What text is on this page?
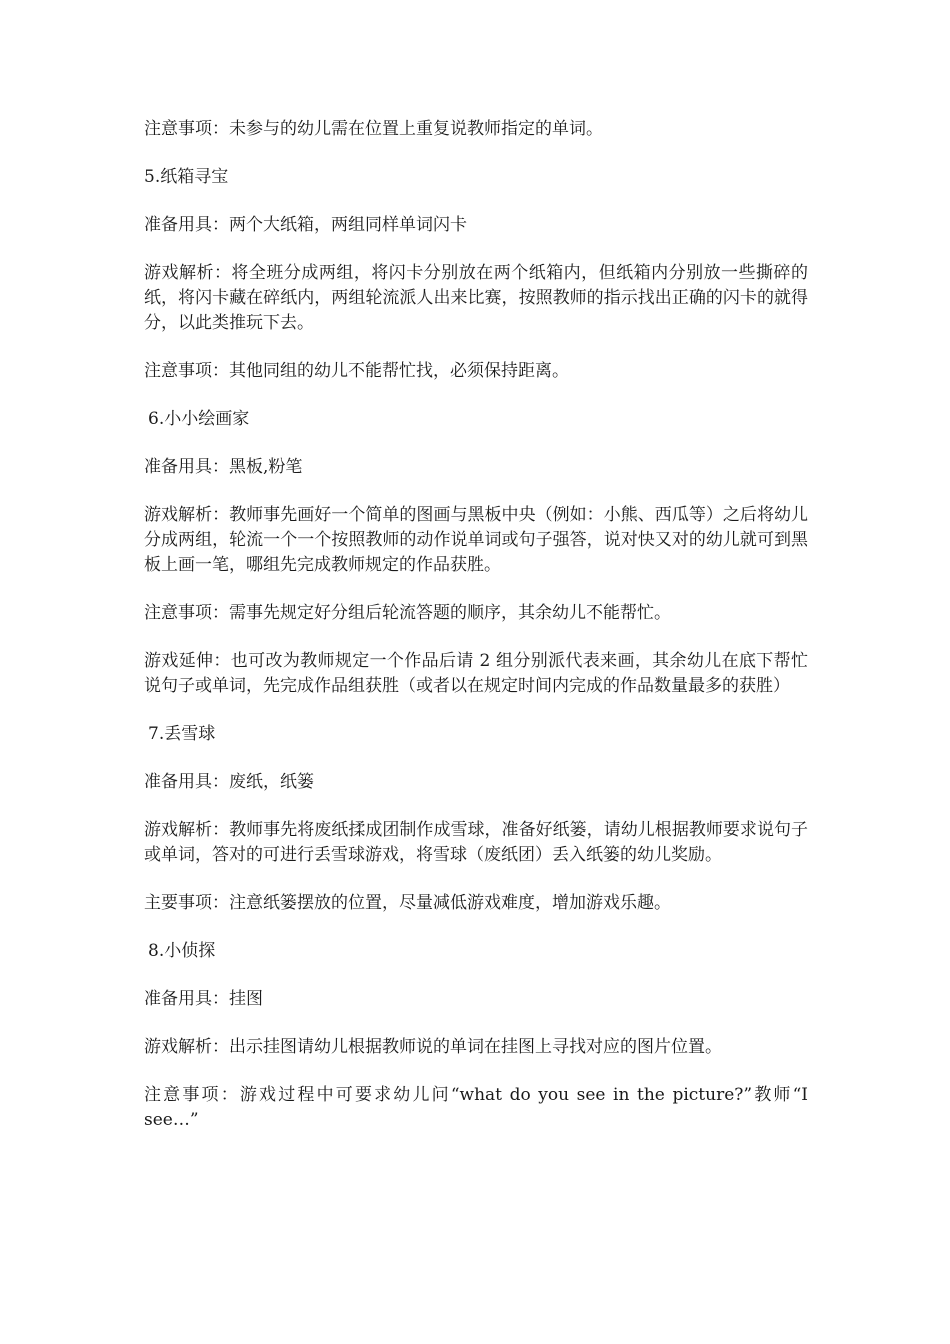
注意事项：未参与的幼儿需在位置上重复说教师指定的单词。

5.纸箱寻宝

准备用具：两个大纸箱，两组同样单词闪卡

游戏解析：将全班分成两组，将闪卡分别放在两个纸箱内，但纸箱内分别放一些撕碎的纸，将闪卡藏在碎纸内，两组轮流派人出来比赛，按照教师的指示找出正确的闪卡的就得分，以此类推玩下去。

注意事项：其他同组的幼儿不能帮忙找，必须保持距离。

6.小小绘画家

准备用具：黑板,粉笔

游戏解析：教师事先画好一个简单的图画与黑板中央（例如：小熊、西瓜等）之后将幼儿分成两组，轮流一个一个按照教师的动作说单词或句子强答，说对快又对的幼儿就可到黑板上画一笔，哪组先完成教师规定的作品获胜。

注意事项：需事先规定好分组后轮流答题的顺序，其余幼儿不能帮忙。

游戏延伸：也可改为教师规定一个作品后请 2 组分别派代表来画，其余幼儿在底下帮忙说句子或单词，先完成作品组获胜（或者以在规定时间内完成的作品数量最多的获胜）

7.丢雪球

准备用具：废纸，纸篓

游戏解析：教师事先将废纸揉成团制作成雪球，准备好纸篓，请幼儿根据教师要求说句子或单词，答对的可进行丢雪球游戏，将雪球（废纸团）丢入纸篓的幼儿奖励。

主要事项：注意纸篓摆放的位置，尽量减低游戏难度，增加游戏乐趣。

8.小侦探

准备用具：挂图

游戏解析：出示挂图请幼儿根据教师说的单词在挂图上寻找对应的图片位置。

注意事项：游戏过程中可要求幼儿问“what do you see in the picture?”教师“I see…”
